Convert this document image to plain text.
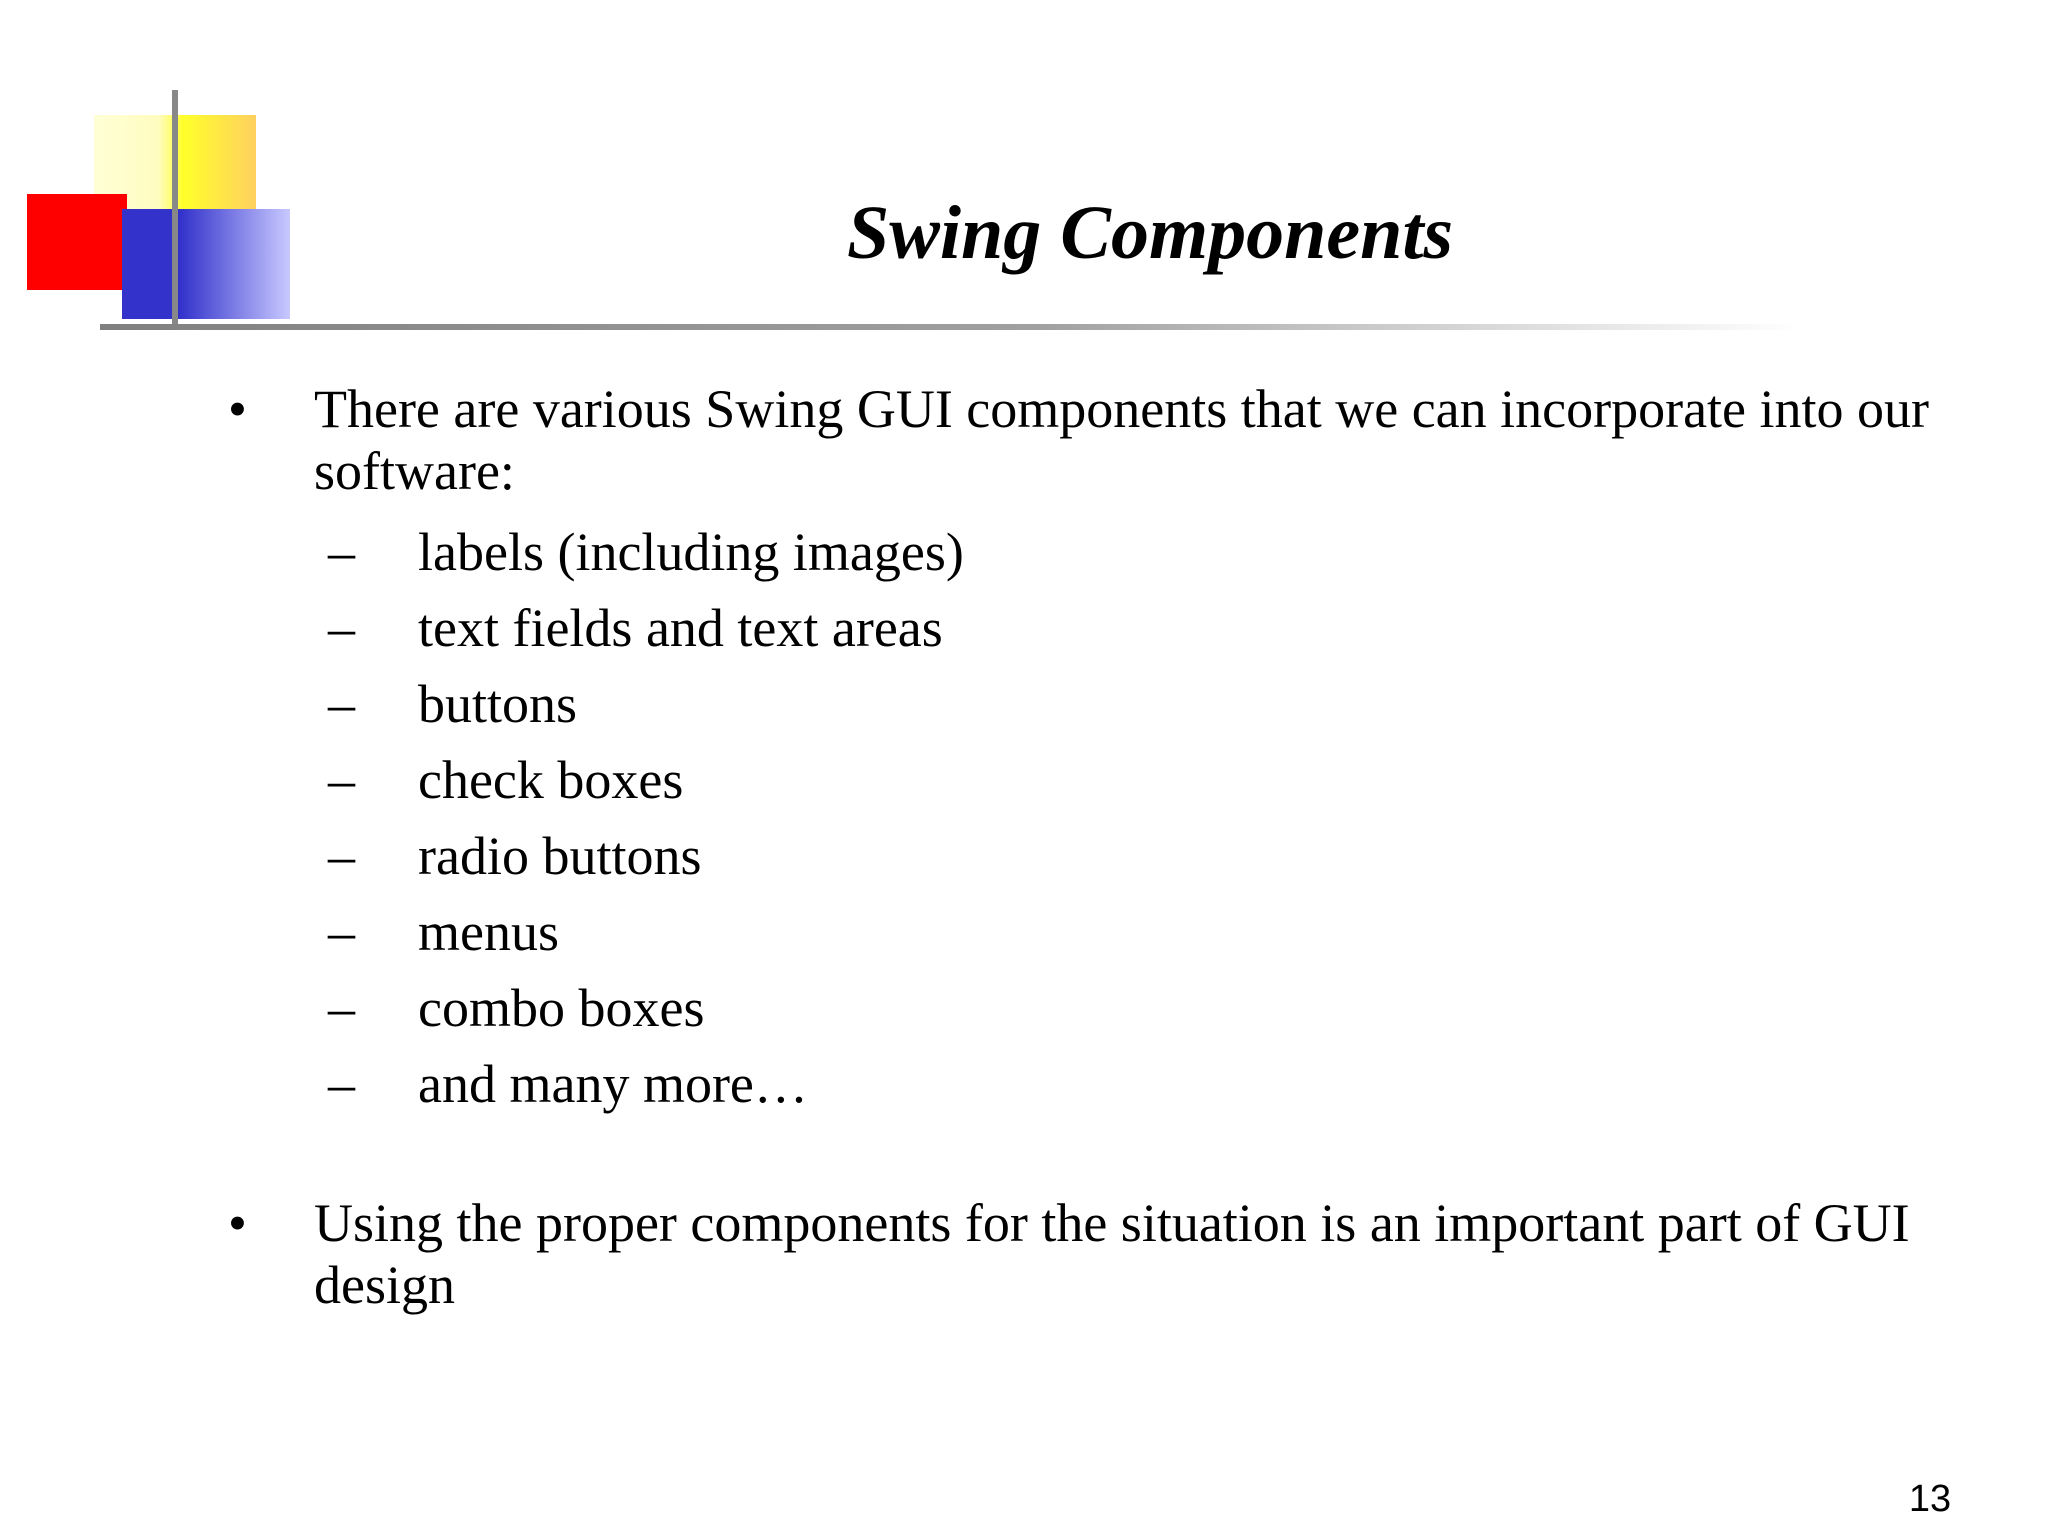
Swing Components
•	There are various Swing GUI components that we can incorporate into our software:
–	labels (including images)
–	text fields and text areas
–	buttons
–	check boxes
–	radio buttons
–	menus
–	combo boxes
–	and many more…
•	Using the proper components for the situation is an important part of GUI design
13
